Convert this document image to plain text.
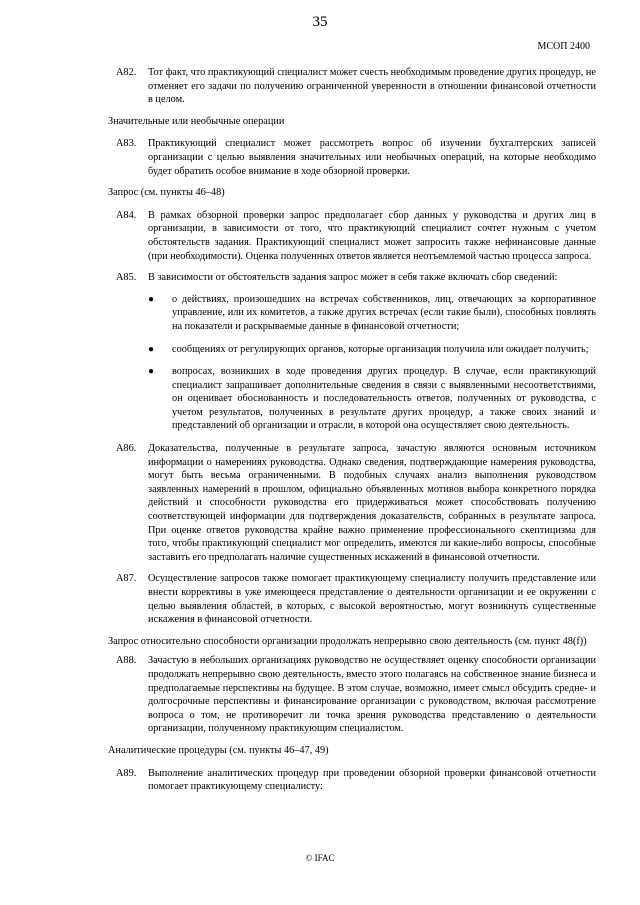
35
МСОП 2400
A82.	Тот факт, что практикующий специалист может счесть необходимым проведение других процедур, не отменяет его задачи по получению ограниченной уверенности в отношении финансовой отчетности в целом.
Значительные или необычные операции
A83.	Практикующий специалист может рассмотреть вопрос об изучении бухгалтерских записей организации с целью выявления значительных или необычных операций, на которые необходимо будет обратить особое внимание в ходе обзорной проверки.
Запрос (см. пункты 46–48)
A84.	В рамках обзорной проверки запрос предполагает сбор данных у руководства и других лиц в организации, в зависимости от того, что практикующий специалист сочтет нужным с учетом обстоятельств задания. Практикующий специалист может запросить также нефинансовые данные (при необходимости). Оценка полученных ответов является неотъемлемой частью процесса запроса.
A85.	В зависимости от обстоятельств задания запрос может в себя также включать сбор сведений:
●	о действиях, произошедших на встречах собственников, лиц, отвечающих за корпоративное управление, или их комитетов, а также других встречах (если такие были), способных повлиять на показатели и раскрываемые данные в финансовой отчетности;
●	сообщениях от регулирующих органов, которые организация получила или ожидает получить;
●	вопросах, возникших в ходе проведения других процедур. В случае, если практикующий специалист запрашивает дополнительные сведения в связи с выявленными несоответствиями, он оценивает обоснованность и последовательность ответов, полученных от руководства, с учетом результатов, полученных в результате других процедур, а также своих знаний и представлений об организации и отрасли, в которой она осуществляет свою деятельность.
A86.	Доказательства, полученные в результате запроса, зачастую являются основным источником информации о намерениях руководства. Однако сведения, подтверждающие намерения руководства, могут быть весьма ограниченными. В подобных случаях анализ выполнения руководством заявленных намерений в прошлом, официально объявленных мотивов выбора конкретного порядка действий и способности руководства его придерживаться может способствовать получению соответствующей информации для подтверждения доказательств, собранных в результате запроса. При оценке ответов руководства крайне важно применение профессионального скептицизма для того, чтобы практикующий специалист мог определить, имеются ли какие-либо вопросы, способные заставить его предполагать наличие существенных искажений в финансовой отчетности.
A87.	Осуществление запросов также помогает практикующему специалисту получить представление или внести коррективы в уже имеющееся представление о деятельности организации и ее окружении с целью выявления областей, в которых, с высокой вероятностью, могут возникнуть существенные искажения в финансовой отчетности.
Запрос относительно способности организации продолжать непрерывно свою деятельность (см. пункт 48(f))
A88.	Зачастую в небольших организациях руководство не осуществляет оценку способности организации продолжать непрерывно свою деятельность, вместо этого полагаясь на собственное знание бизнеса и предполагаемые перспективы на будущее. В этом случае, возможно, имеет смысл обсудить средне- и долгосрочные перспективы и финансирование организации с руководством, включая рассмотрение вопроса о том, не противоречит ли точка зрения руководства представлению о деятельности организации, полученному практикующим специалистом.
Аналитические процедуры (см. пункты 46–47, 49)
A89.	Выполнение аналитических процедур при проведении обзорной проверки финансовой отчетности помогает практикующему специалисту:
© IFAC
